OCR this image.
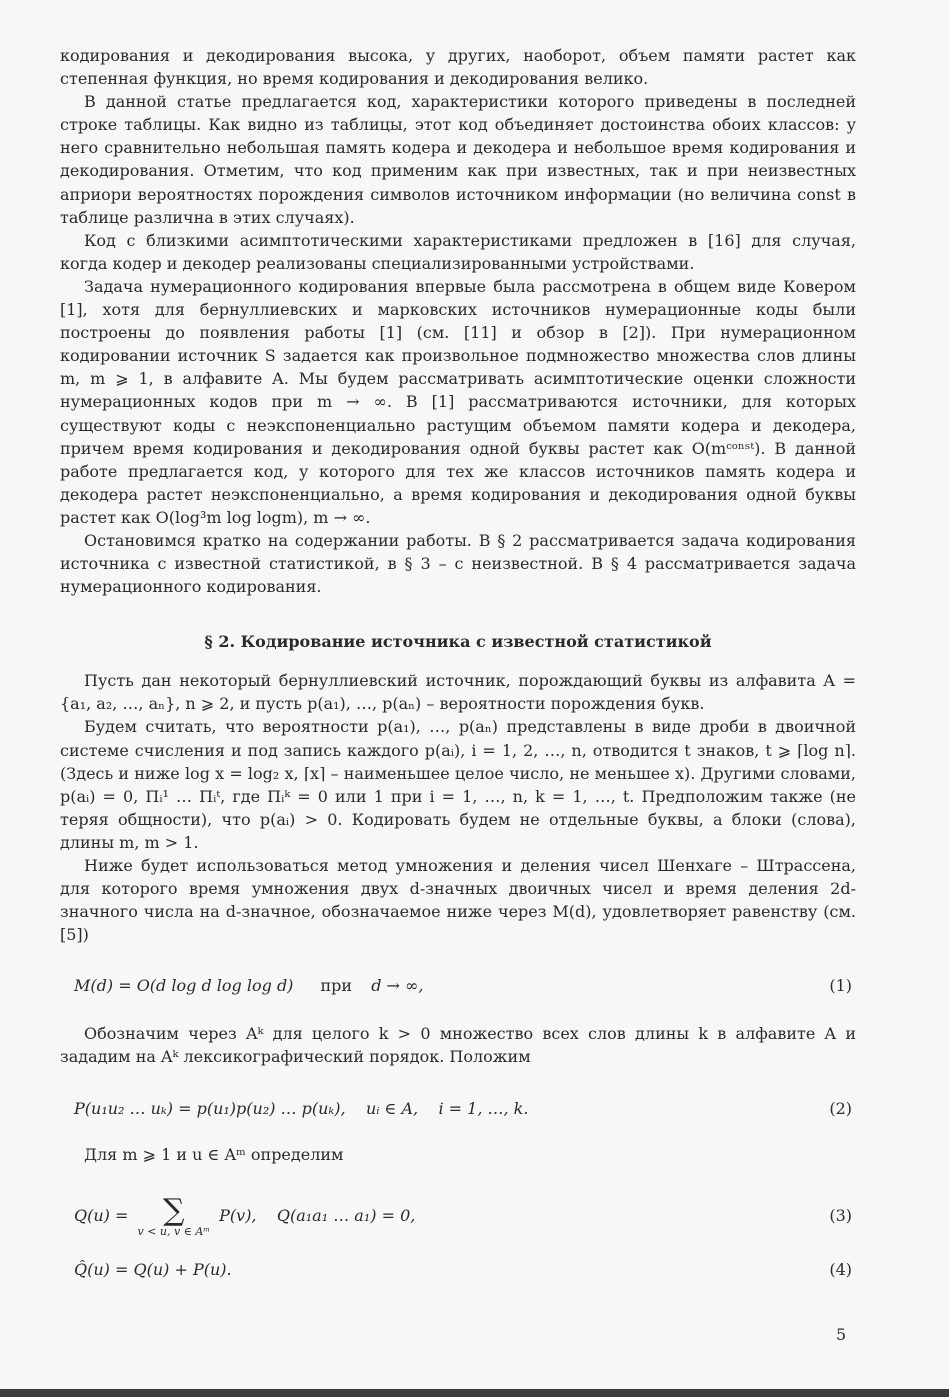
кодирования и декодирования высока, у других, наоборот, объем памяти растет как степенная функция, но время кодирования и декодирования велико.

В данной статье предлагается код, характеристики которого приведены в последней строке таблицы. Как видно из таблицы, этот код объединяет достоинства обоих классов: у него сравнительно небольшая память кодера и декодера и небольшое время кодирования и декодирования. Отметим, что код применим как при известных, так и при неизвестных априори вероятностях порождения символов источником информации (но величина const в таблице различна в этих случаях).

Код с близкими асимптотическими характеристиками предложен в [16] для случая, когда кодер и декодер реализованы специализированными устройствами.

Задача нумерационного кодирования впервые была рассмотрена в общем виде Ковером [1], хотя для бернуллиевских и марковских источников нумерационные коды были построены до появления работы [1] (см. [11] и обзор в [2]). При нумерационном кодировании источник S задается как произвольное подмножество множества слов длины m, m ⩾ 1, в алфавите A. Мы будем рассматривать асимптотические оценки сложности нумерационных кодов при m → ∞. В [1] рассматриваются источники, для которых существуют коды с неэкспоненциально растущим объемом памяти кодера и декодера, причем время кодирования и декодирования одной буквы растет как O(mᶜᵒⁿˢᵗ). В данной работе предлагается код, у которого для тех же классов источников память кодера и декодера растет неэкспоненциально, а время кодирования и декодирования одной буквы растет как O(log³m log logm), m → ∞.

Остановимся кратко на содержании работы. В § 2 рассматривается задача кодирования источника с известной статистикой, в § 3 – с неизвестной. В § 4 рассматривается задача нумерационного кодирования.

§ 2. Кодирование источника с известной статистикой

Пусть дан некоторый бернуллиевский источник, порождающий буквы из алфавита A = {a₁, a₂, …, aₙ}, n ⩾ 2, и пусть p(a₁), …, p(aₙ) – вероятности порождения букв.

Будем считать, что вероятности p(a₁), …, p(aₙ) представлены в виде дроби в двоичной системе счисления и под запись каждого p(aᵢ), i = 1, 2, …, n, отводится t знаков, t ⩾ ⌈log n⌉. (Здесь и ниже log x = log₂ x, ⌈x⌉ – наименьшее целое число, не меньшее x). Другими словами, p(aᵢ) = 0, Πᵢ¹ … Πᵢᵗ, где Πᵢᵏ = 0 или 1 при i = 1, …, n, k = 1, …, t. Предположим также (не теряя общности), что p(aᵢ) > 0. Кодировать будем не отдельные буквы, а блоки (слова), длины m, m > 1.

Ниже будет использоваться метод умножения и деления чисел Шенхаге – Штрассена, для которого время умножения двух d-значных двоичных чисел и время деления 2d-значного числа на d-значное, обозначаемое ниже через M(d), удовлетворяет равенству (см. [5])

M(d) = O(d log d log log d) при d → ∞,	(1)

Обозначим через Aᵏ для целого k > 0 множество всех слов длины k в алфавите A и зададим на Aᵏ лексикографический порядок. Положим

P(u₁u₂ … uₖ) = p(u₁)p(u₂) … p(uₖ),    uᵢ ∈ A,    i = 1, …, k.	(2)

Для m ⩾ 1 и u ∈ Aᵐ определим

Q(u) =	∑
v < u, v ∈ Aᵐ
P(v),    Q(a₁a₁ … a₁) = 0,	(3)
Q̂(u) = Q(u) + P(u).	(4)
5
